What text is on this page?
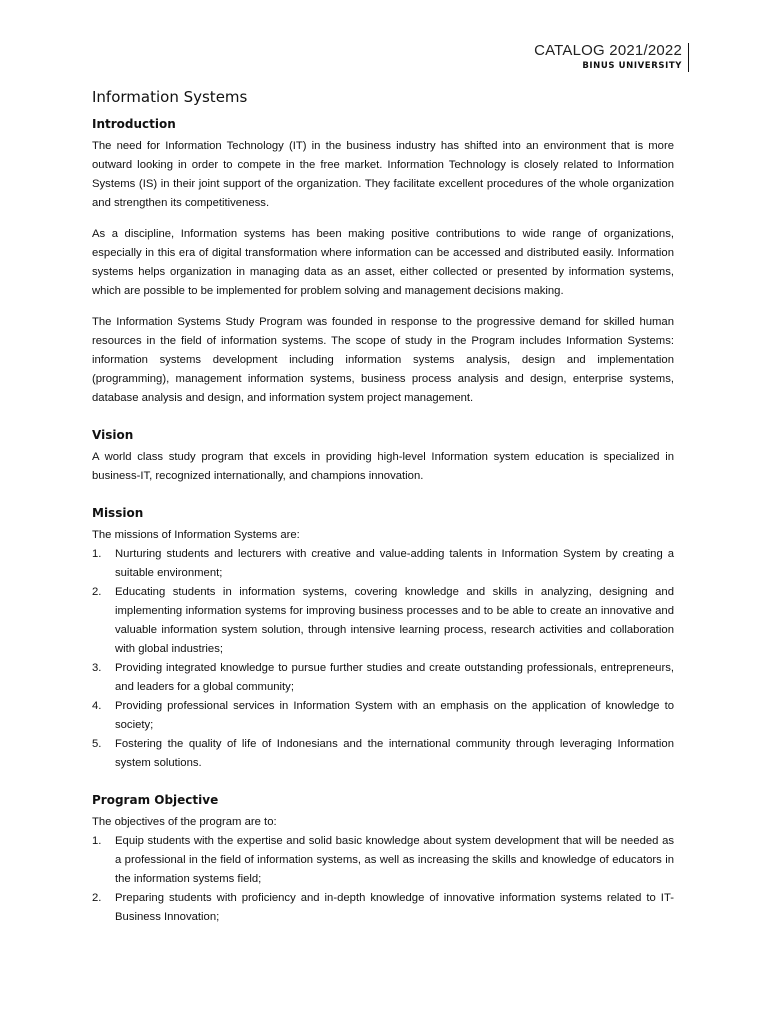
CATALOG 2021/2022
BINUS UNIVERSITY
Information Systems
Introduction

The need for Information Technology (IT) in the business industry has shifted into an environment that is more outward looking in order to compete in the free market. Information Technology is closely related to Information Systems (IS) in their joint support of the organization. They facilitate excellent procedures of the whole organization and strengthen its competitiveness.

As a discipline, Information systems has been making positive contributions to wide range of organizations, especially in this era of digital transformation where information can be accessed and distributed easily. Information systems helps organization in managing data as an asset, either collected or presented by information systems, which are possible to be implemented for problem solving and management decisions making.

The Information Systems Study Program was founded in response to the progressive demand for skilled human resources in the field of information systems. The scope of study in the Program includes Information Systems: information systems development including information systems analysis, design and implementation (programming), management information systems, business process analysis and design, enterprise systems, database analysis and design, and information system project management.

Vision

A world class study program that excels in providing high-level Information system education is specialized in business-IT, recognized internationally, and champions innovation.

Mission

The missions of Information Systems are:

1. Nurturing students and lecturers with creative and value-adding talents in Information System by creating a suitable environment;
2. Educating students in information systems, covering knowledge and skills in analyzing, designing and implementing information systems for improving business processes and to be able to create an innovative and valuable information system solution, through intensive learning process, research activities and collaboration with global industries;
3. Providing integrated knowledge to pursue further studies and create outstanding professionals, entrepreneurs, and leaders for a global community;
4. Providing professional services in Information System with an emphasis on the application of knowledge to society;
5. Fostering the quality of life of Indonesians and the international community through leveraging Information system solutions.
Program Objective

The objectives of the program are to:

1. Equip students with the expertise and solid basic knowledge about system development that will be needed as a professional in the field of information systems, as well as increasing the skills and knowledge of educators in the information systems field;
2. Preparing students with proficiency and in-depth knowledge of innovative information systems related to IT-Business Innovation;
